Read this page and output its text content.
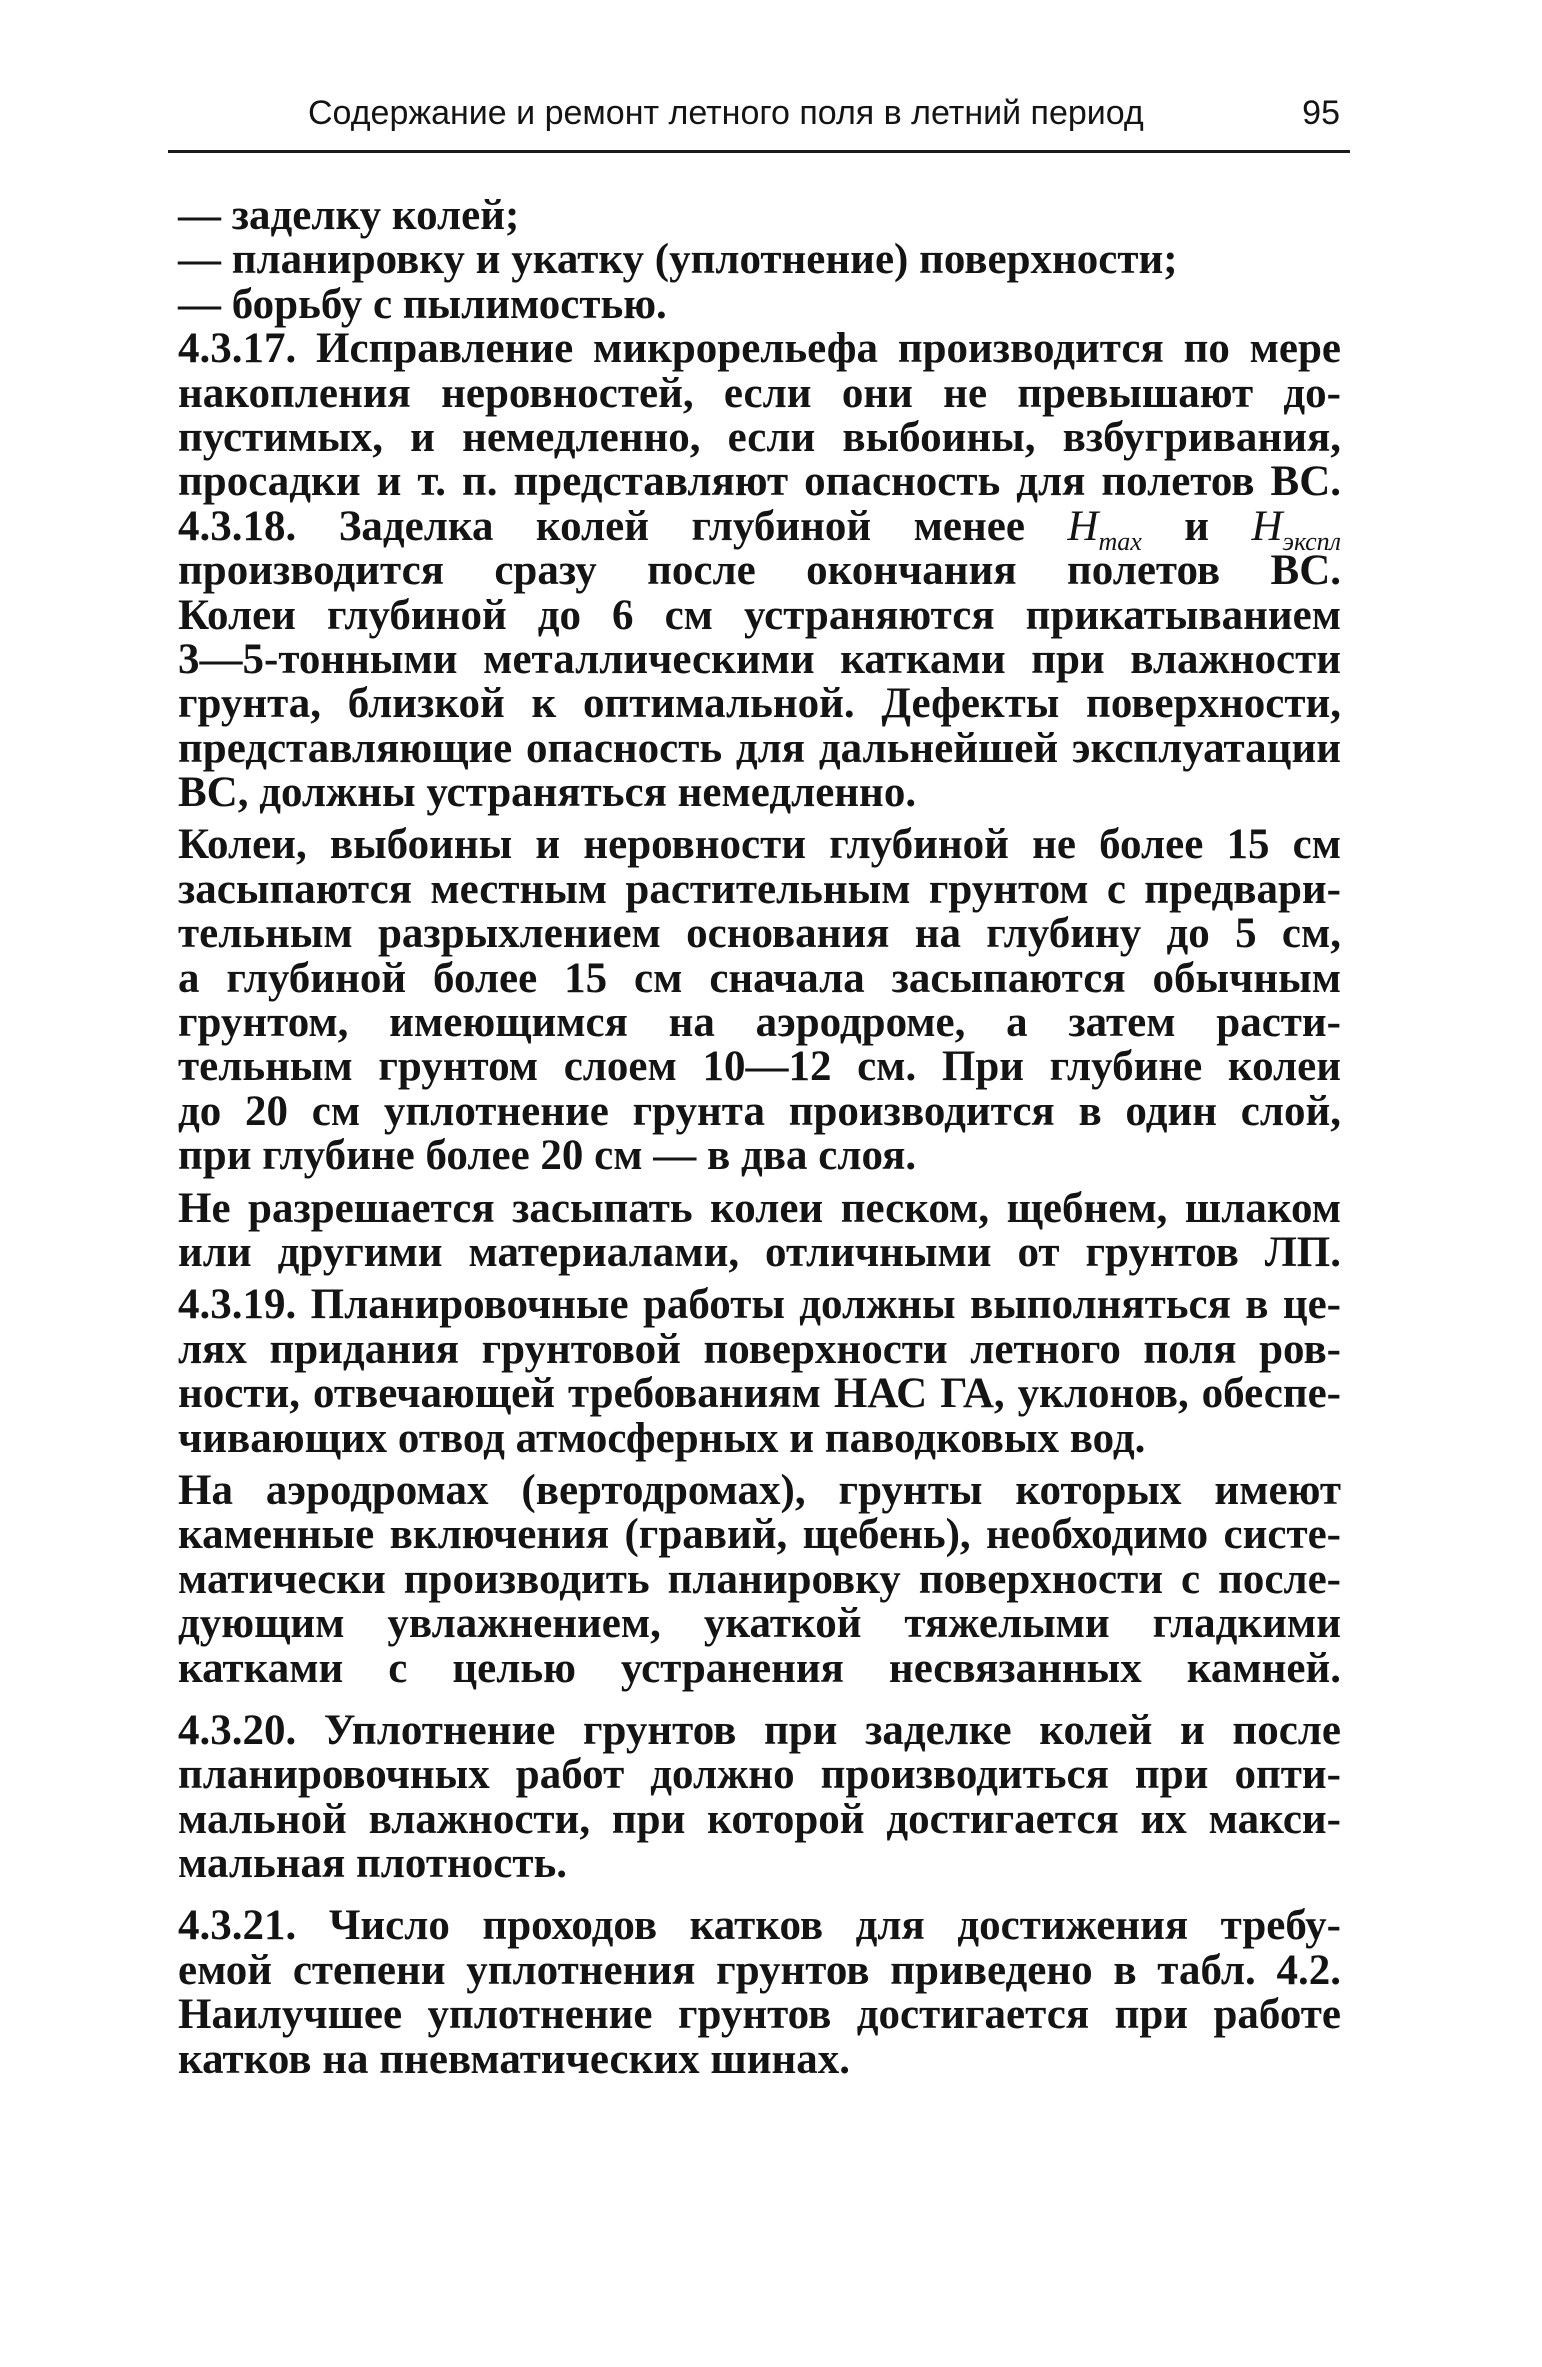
Содержание и ремонт летного поля в летний период	95
— заделку колей;
— планировку и укатку (уплотнение) поверхности;
— борьбу с пылимостью.
4.3.17. Исправление микрорельефа производится по мере
накопления неровностей, если они не превышают до-
пустимых, и немедленно, если выбоины, взбугривания,
просадки и т. п. представляют опасность для полетов ВС.
4.3.18. Заделка колей глубиной менее $H_{max}$ и $H_{экспл}$
производится сразу после окончания полетов ВС.
Колеи глубиной до 6 см устраняются прикатыванием
3—5-тонными металлическими катками при влажности
грунта, близкой к оптимальной. Дефекты поверхности,
представляющие опасность для дальнейшей эксплуатации
ВС, должны устраняться немедленно.
Колеи, выбоины и неровности глубиной не более 15 см
засыпаются местным растительным грунтом с предвари-
тельным разрыхлением основания на глубину до 5 см,
а глубиной более 15 см сначала засыпаются обычным
грунтом, имеющимся на аэродроме, а затем расти-
тельным грунтом слоем 10—12 см. При глубине колеи
до 20 см уплотнение грунта производится в один слой,
при глубине более 20 см — в два слоя.
Не разрешается засыпать колеи песком, щебнем, шлаком
или другими материалами, отличными от грунтов ЛП.
4.3.19. Планировочные работы должны выполняться в це-
лях придания грунтовой поверхности летного поля ров-
ности, отвечающей требованиям НАС ГА, уклонов, обеспе-
чивающих отвод атмосферных и паводковых вод.
На аэродромах (вертодромах), грунты которых имеют
каменные включения (гравий, щебень), необходимо систе-
матически производить планировку поверхности с после-
дующим увлажнением, укаткой тяжелыми гладкими
катками с целью устранения несвязанных камней.
4.3.20. Уплотнение грунтов при заделке колей и после
планировочных работ должно производиться при опти-
мальной влажности, при которой достигается их макси-
мальная плотность.
4.3.21. Число проходов катков для достижения требу-
емой степени уплотнения грунтов приведено в табл. 4.2.
Наилучшее уплотнение грунтов достигается при работе
катков на пневматических шинах.
